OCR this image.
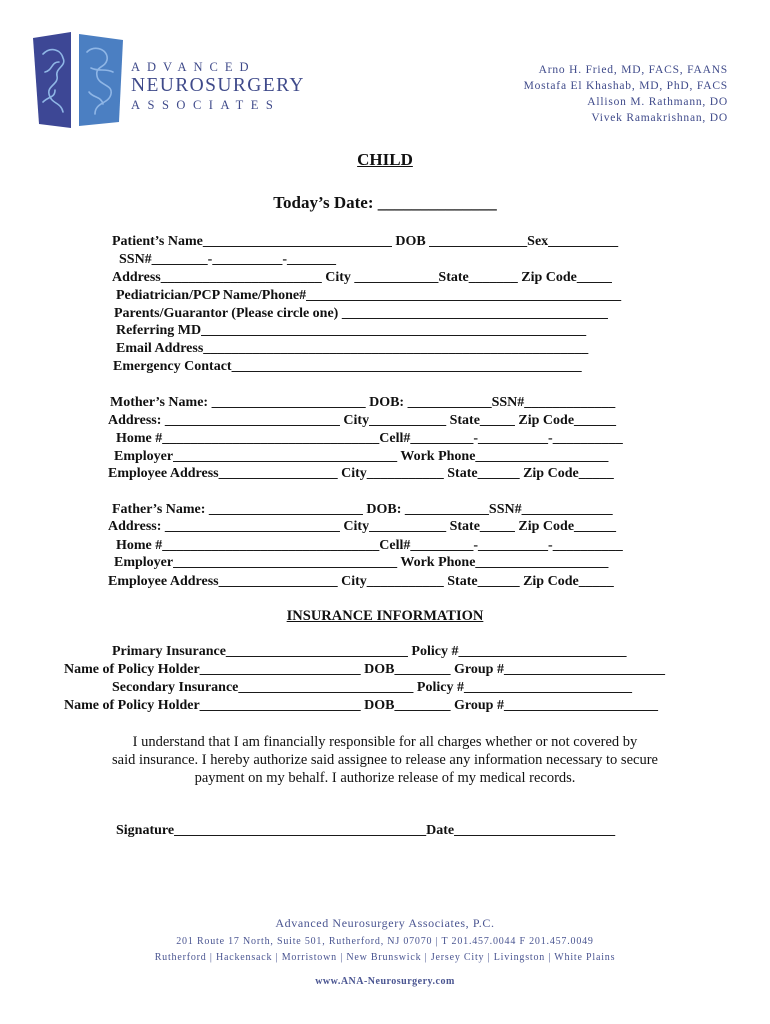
ADVANCED
NEUROSURGERY
ASSOCIATES
Arno H. Fried, MD, FACS, FAANS
Mostafa El Khashab, MD, PhD, FACS
Allison M. Rathmann, DO
Vivek Ramakrishnan, DO
CHILD
Today’s Date: ______________
Patient’s Name___________________________ DOB ______________Sex__________
SSN#________-__________-_______
Address_______________________ City ____________State_______ Zip Code_____
Pediatrician/PCP Name/Phone#_____________________________________________
Parents/Guarantor (Please circle one) ______________________________________
Referring MD_______________________________________________________
Email Address_______________________________________________________
Emergency Contact__________________________________________________
Mother’s Name: ______________________ DOB: ____________SSN#_____________
Address: _________________________ City___________ State_____ Zip Code______
Home #_______________________________Cell#_________-__________-__________
Employer________________________________ Work Phone___________________
Employee Address_________________ City___________ State______ Zip Code_____
Father’s Name: ______________________ DOB: ____________SSN#_____________
Address: _________________________ City___________ State_____ Zip Code______
Home #_______________________________Cell#_________-__________-__________
Employer________________________________ Work Phone___________________
Employee Address_________________ City___________ State______ Zip Code_____
INSURANCE INFORMATION
Primary Insurance__________________________ Policy #________________________
Name of Policy Holder_______________________ DOB________ Group #_______________________
Secondary Insurance_________________________ Policy #________________________
Name of Policy Holder_______________________ DOB________ Group #______________________

I understand that I am financially responsible for all charges whether or not covered by

said insurance. I hereby authorize said assignee to release any information necessary to secure

payment on my behalf. I authorize release of my medical records.

Signature____________________________________Date_______________________
Advanced Neurosurgery Associates, P.C.
201 Route 17 North, Suite 501, Rutherford, NJ 07070 | T 201.457.0044 F 201.457.0049
Rutherford | Hackensack | Morristown | New Brunswick | Jersey City | Livingston | White Plains
www.ANA-Neurosurgery.com
